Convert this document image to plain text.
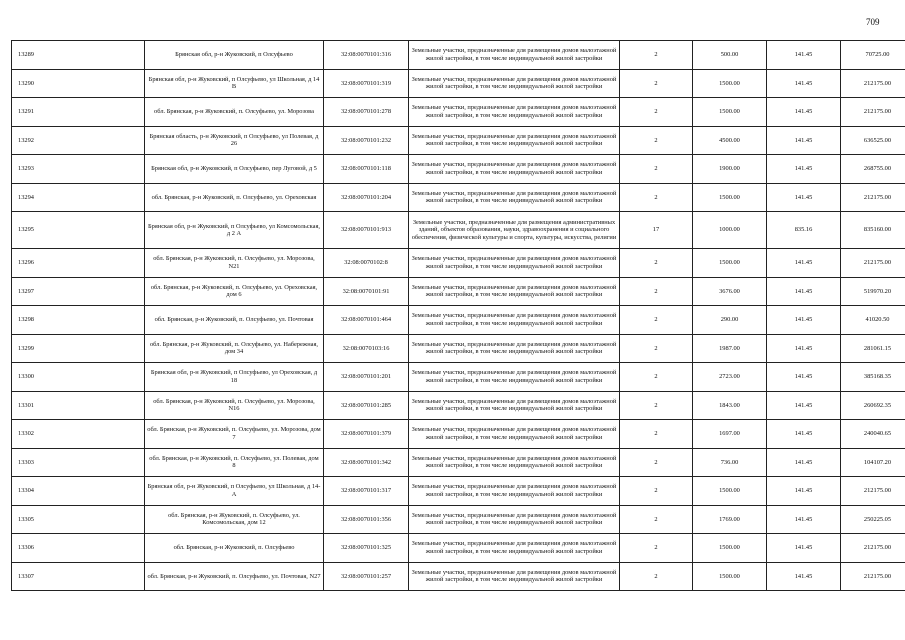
709
13289	Брянская обл, р-н Жуковский, п Олсуфьево	32:08:0070101:316	Земельные участки, предназначенные для размещения домов малоэтажной жилой застройки, в том числе индивидуальной жилой застройки	2	500.00	141.45	70725.00
13290	Брянская обл, р-н Жуковский, п Олсуфьево, ул Школьная, д 14 В	32:08:0070101:319	Земельные участки, предназначенные для размещения домов малоэтажной жилой застройки, в том числе индивидуальной жилой застройки	2	1500.00	141.45	212175.00
13291	обл. Брянская, р-н Жуковский, п. Олсуфьево, ул. Морозова	32:08:0070101:278	Земельные участки, предназначенные для размещения домов малоэтажной жилой застройки, в том числе индивидуальной жилой застройки	2	1500.00	141.45	212175.00
13292	Брянская область, р-н Жуковский, п Олсуфьево, ул Полевая, д 26	32:08:0070101:232	Земельные участки, предназначенные для размещения домов малоэтажной жилой застройки, в том числе индивидуальной жилой застройки	2	4500.00	141.45	636525.00
13293	Брянская обл, р-н Жуковский, п Олсуфьево, пер Луговой, д 5	32:08:0070101:118	Земельные участки, предназначенные для размещения домов малоэтажной жилой застройки, в том числе индивидуальной жилой застройки	2	1900.00	141.45	268755.00
13294	обл. Брянская, р-н Жуковский, п. Олсуфьево, ул. Ореховская	32:08:0070101:204	Земельные участки, предназначенные для размещения домов малоэтажной жилой застройки, в том числе индивидуальной жилой застройки	2	1500.00	141.45	212175.00
13295	Брянская обл, р-н Жуковский, п Олсуфьево, ул Комсомольская, д 2 А	32:08:0070101:913	Земельные участки, предназначенные для размещения административных зданий, объектов образования, науки, здравоохранения и социального обеспечения, физической культуры и спорта, культуры, искусства, религии	17	1000.00	835.16	835160.00
13296	обл. Брянская, р-н Жуковский, п. Олсуфьево, ул. Морозова, N21	32:08:0070102:8	Земельные участки, предназначенные для размещения домов малоэтажной жилой застройки, в том числе индивидуальной жилой застройки	2	1500.00	141.45	212175.00
13297	обл. Брянская, р-н Жуковский, п. Олсуфьево, ул. Ореховская, дом 6	32:08:0070101:91	Земельные участки, предназначенные для размещения домов малоэтажной жилой застройки, в том числе индивидуальной жилой застройки	2	3676.00	141.45	519970.20
13298	обл. Брянская, р-н Жуковский, п. Олсуфьево, ул. Почтовая	32:08:0070101:464	Земельные участки, предназначенные для размещения домов малоэтажной жилой застройки, в том числе индивидуальной жилой застройки	2	290.00	141.45	41020.50
13299	обл. Брянская, р-н Жуковский, п. Олсуфьево, ул. Набережная, дом 34	32:08:0070103:16	Земельные участки, предназначенные для размещения домов малоэтажной жилой застройки, в том числе индивидуальной жилой застройки	2	1987.00	141.45	281061.15
13300	Брянская обл, р-н Жуковский, п Олсуфьево, ул Ореховская, д 18	32:08:0070101:201	Земельные участки, предназначенные для размещения домов малоэтажной жилой застройки, в том числе индивидуальной жилой застройки	2	2723.00	141.45	385168.35
13301	обл. Брянская, р-н Жуковский, п. Олсуфьево, ул. Морозова, N16	32:08:0070101:285	Земельные участки, предназначенные для размещения домов малоэтажной жилой застройки, в том числе индивидуальной жилой застройки	2	1843.00	141.45	260692.35
13302	обл. Брянская, р-н Жуковский, п. Олсуфьево, ул. Морозова, дом 7	32:08:0070101:379	Земельные участки, предназначенные для размещения домов малоэтажной жилой застройки, в том числе индивидуальной жилой застройки	2	1697.00	141.45	240040.65
13303	обл. Брянская, р-н Жуковский, п. Олсуфьево, ул. Полевая, дом 8	32:08:0070101:342	Земельные участки, предназначенные для размещения домов малоэтажной жилой застройки, в том числе индивидуальной жилой застройки	2	736.00	141.45	104107.20
13304	Брянская обл, р-н Жуковский, п Олсуфьево, ул Школьная, д 14-А	32:08:0070101:317	Земельные участки, предназначенные для размещения домов малоэтажной жилой застройки, в том числе индивидуальной жилой застройки	2	1500.00	141.45	212175.00
13305	обл. Брянская, р-н Жуковский, п. Олсуфьево, ул. Комсомольская, дом 12	32:08:0070101:356	Земельные участки, предназначенные для размещения домов малоэтажной жилой застройки, в том числе индивидуальной жилой застройки	2	1769.00	141.45	250225.05
13306	обл. Брянская, р-н Жуковский, п. Олсуфьево	32:08:0070101:325	Земельные участки, предназначенные для размещения домов малоэтажной жилой застройки, в том числе индивидуальной жилой застройки	2	1500.00	141.45	212175.00
13307	обл. Брянская, р-н Жуковский, п. Олсуфьево, ул. Почтовая, N27	32:08:0070101:257	Земельные участки, предназначенные для размещения домов малоэтажной жилой застройки, в том числе индивидуальной жилой застройки	2	1500.00	141.45	212175.00
